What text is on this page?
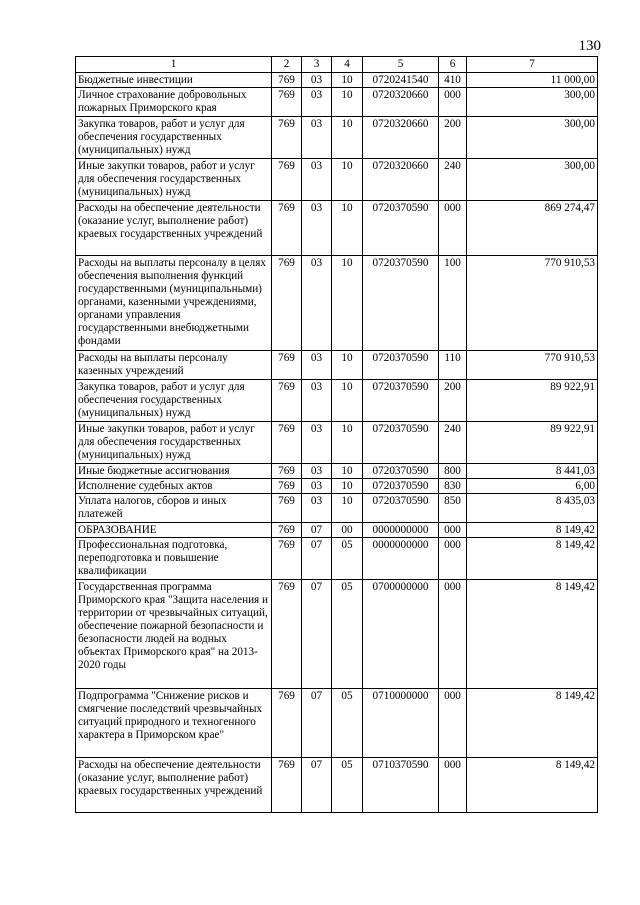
130
1	2	3	4	5	6	7
Бюджетные инвестиции	769	03	10	0720241540	410	11 000,00
Личное страхование добровольных пожарных Приморского края	769	03	10	0720320660	000	300,00
Закупка товаров, работ и услуг для обеспечения государственных (муниципальных) нужд	769	03	10	0720320660	200	300,00
Иные закупки товаров, работ и услуг для обеспечения государственных (муниципальных) нужд	769	03	10	0720320660	240	300,00
Расходы на обеспечение деятельности (оказание услуг, выполнение работ) краевых государственных учреждений	769	03	10	0720370590	000	869 274,47
Расходы на выплаты персоналу в целях обеспечения выполнения функций государственными (муниципальными) органами, казенными учреждениями, органами управления государственными внебюджетными фондами	769	03	10	0720370590	100	770 910,53
Расходы на выплаты персоналу казенных учреждений	769	03	10	0720370590	110	770 910,53
Закупка товаров, работ и услуг для обеспечения государственных (муниципальных) нужд	769	03	10	0720370590	200	89 922,91
Иные закупки товаров, работ и услуг для обеспечения государственных (муниципальных) нужд	769	03	10	0720370590	240	89 922,91
Иные бюджетные ассигнования	769	03	10	0720370590	800	8 441,03
Исполнение судебных актов	769	03	10	0720370590	830	6,00
Уплата налогов, сборов и иных платежей	769	03	10	0720370590	850	8 435,03
ОБРАЗОВАНИЕ	769	07	00	0000000000	000	8 149,42
Профессиональная подготовка, переподготовка и повышение квалификации	769	07	05	0000000000	000	8 149,42
Государственная программа Приморского края "Защита населения и территории от чрезвычайных ситуаций, обеспечение пожарной безопасности и безопасности людей на водных объектах Приморского края" на 2013-2020 годы	769	07	05	0700000000	000	8 149,42
Подпрограмма "Снижение рисков и смягчение последствий чрезвычайных ситуаций природного и техногенного характера в Приморском крае"	769	07	05	0710000000	000	8 149,42
Расходы на обеспечение деятельности (оказание услуг, выполнение работ) краевых государственных учреждений	769	07	05	0710370590	000	8 149,42
